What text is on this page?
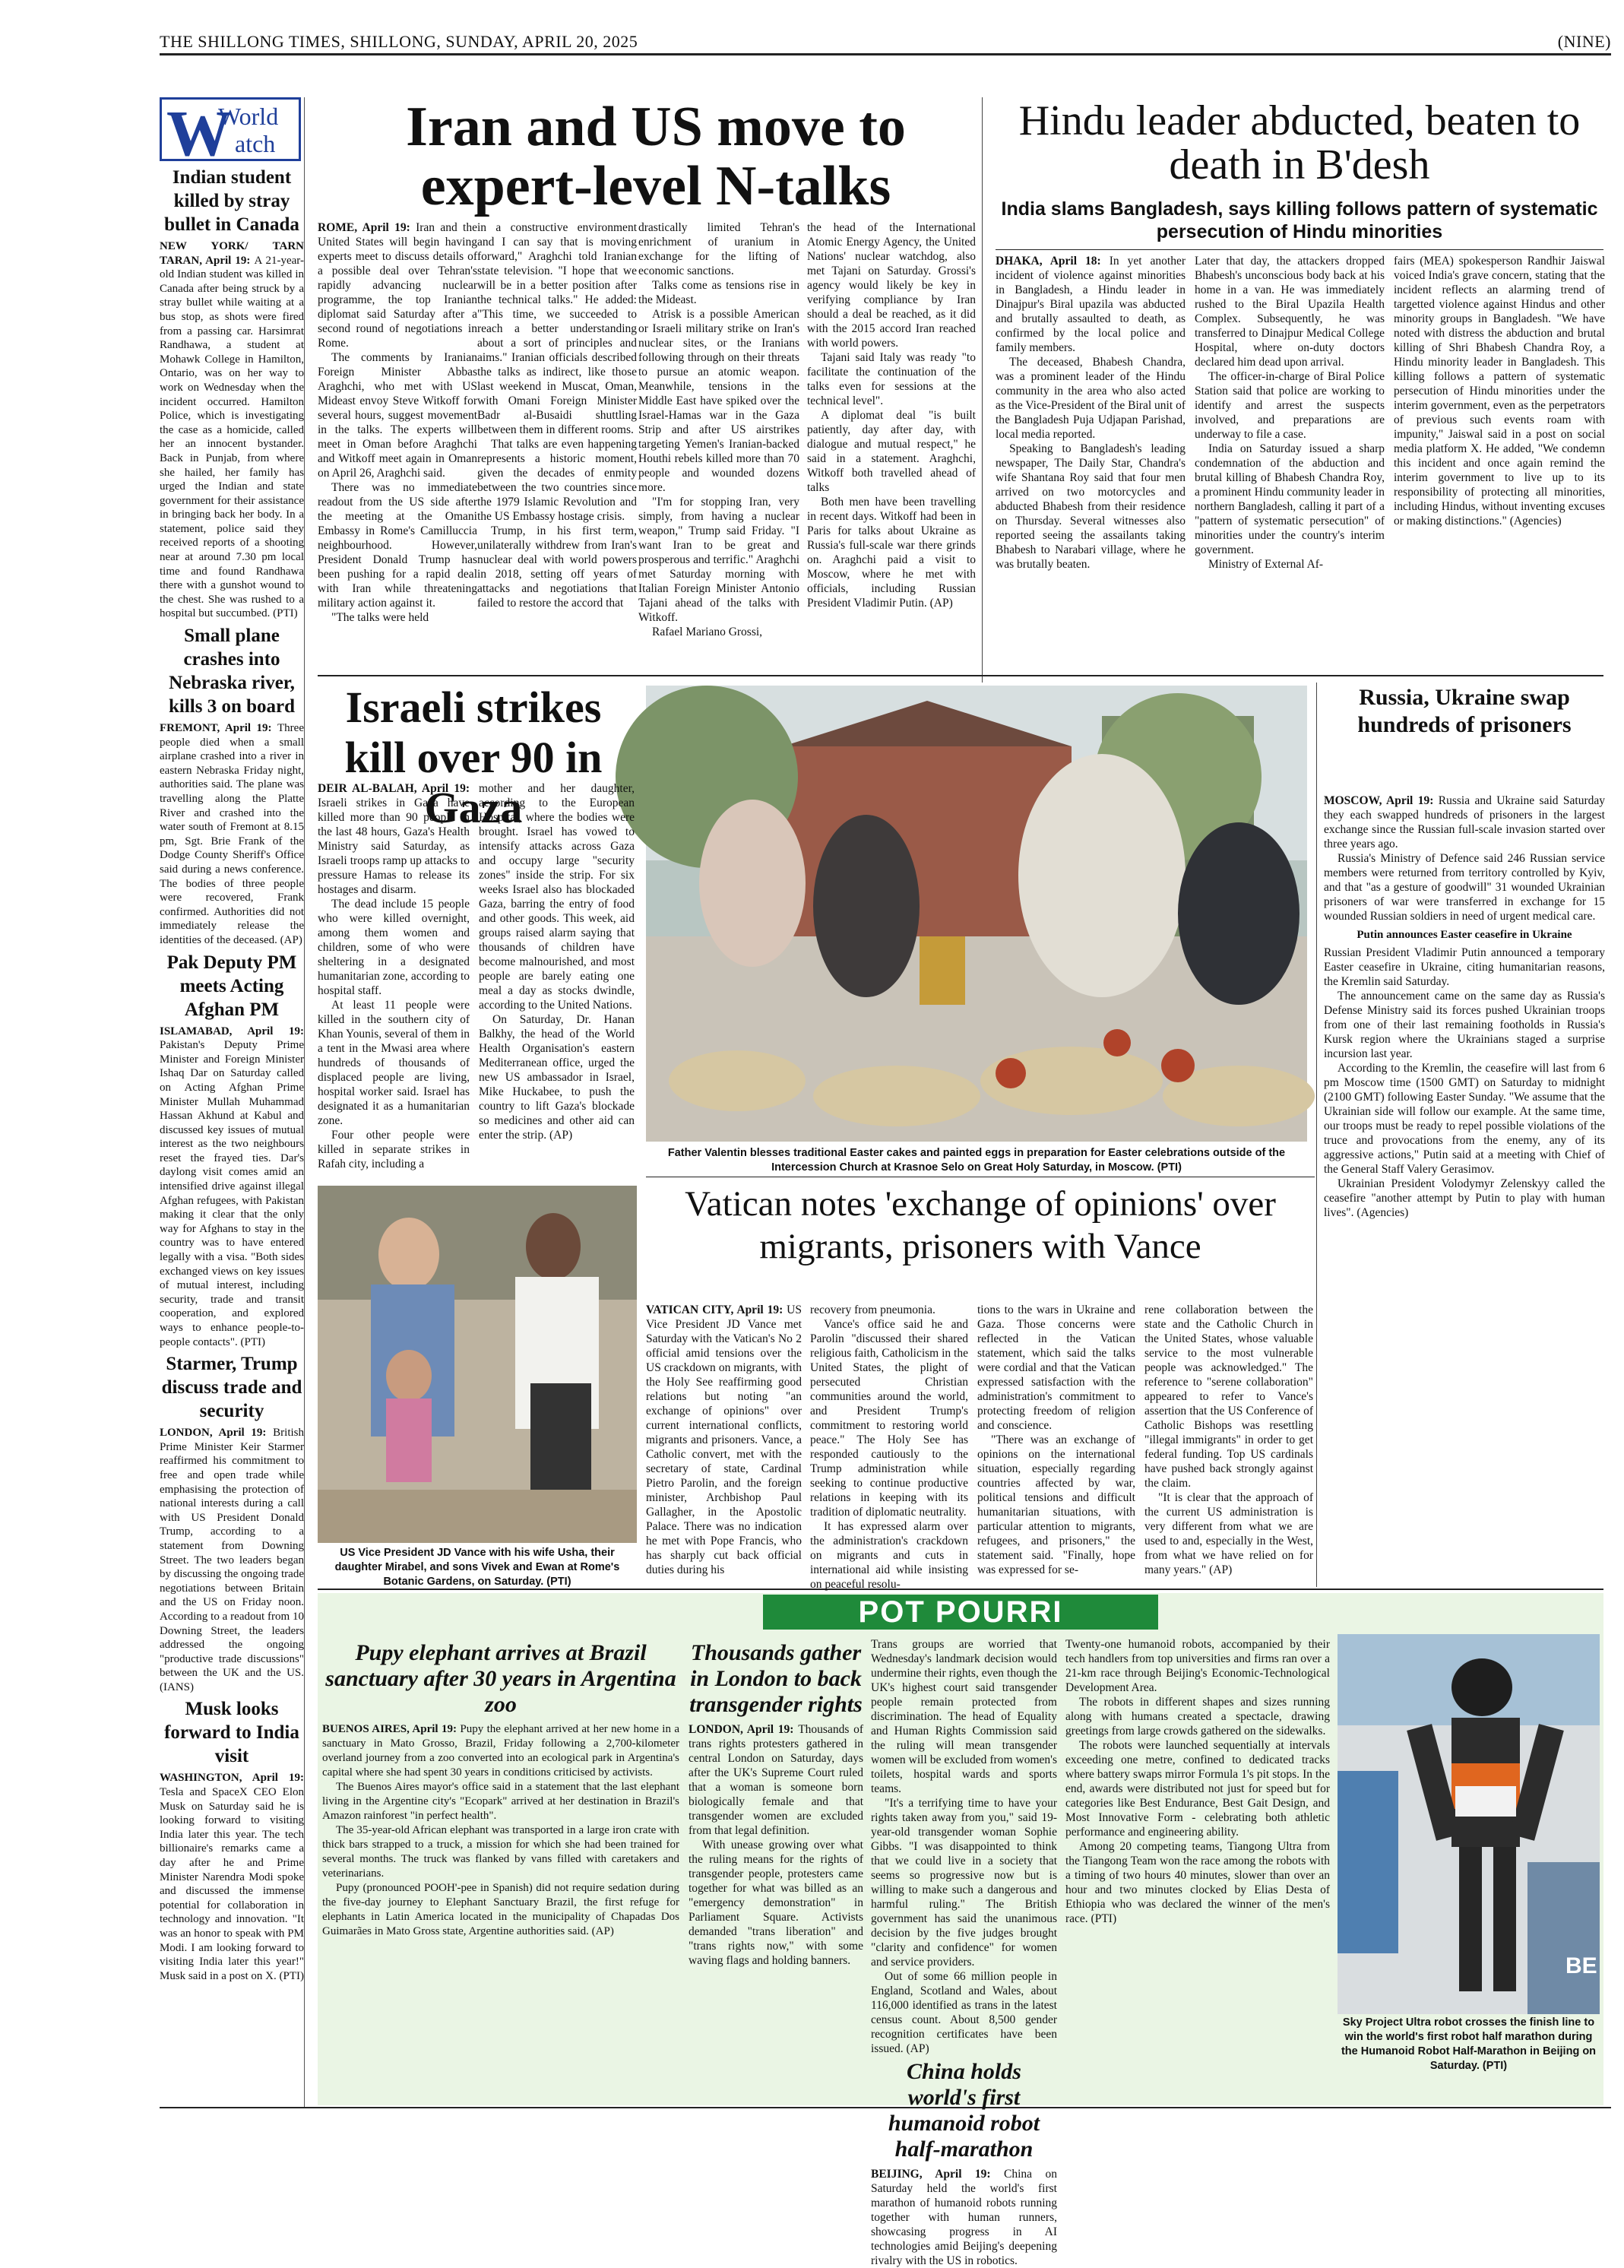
THE SHILLONG TIMES, SHILLONG, SUNDAY, APRIL 20, 2025	(NINE)
W
World
atch
Indian student killed by stray bullet in Canada

NEW YORK/ TARN TARAN, April 19: A 21-year-old Indian student was killed in Canada after being struck by a stray bullet while waiting at a bus stop, as shots were fired from a passing car. Harsimrat Randhawa, a student at Mohawk College in Hamilton, Ontario, was on her way to work on Wednesday when the incident occurred. Hamilton Police, which is investigating the case as a homicide, called her an innocent bystander. Back in Punjab, from where she hailed, her family has urged the Indian and state government for their assistance in bringing back her body. In a statement, police said they received reports of a shooting near at around 7.30 pm local time and found Randhawa there with a gunshot wound to the chest. She was rushed to a hospital but succumbed. (PTI)

Small plane crashes into Nebraska river, kills 3 on board

FREMONT, April 19: Three people died when a small airplane crashed into a river in eastern Nebraska Friday night, authorities said. The plane was travelling along the Platte River and crashed into the water south of Fremont at 8.15 pm, Sgt. Brie Frank of the Dodge County Sheriff's Office said during a news conference. The bodies of three people were recovered, Frank confirmed. Authorities did not immediately release the identities of the deceased. (AP)

Pak Deputy PM meets Acting Afghan PM

ISLAMABAD, April 19: Pakistan's Deputy Prime Minister and Foreign Minister Ishaq Dar on Saturday called on Acting Afghan Prime Minister Mullah Muhammad Hassan Akhund at Kabul and discussed key issues of mutual interest as the two neighbours reset the frayed ties. Dar's daylong visit comes amid an intensified drive against illegal Afghan refugees, with Pakistan making it clear that the only way for Afghans to stay in the country was to have entered legally with a visa. "Both sides exchanged views on key issues of mutual interest, including security, trade and transit cooperation, and explored ways to enhance people-to-people contacts". (PTI)

Starmer, Trump discuss trade and security

LONDON, April 19: British Prime Minister Keir Starmer reaffirmed his commitment to free and open trade while emphasising the protection of national interests during a call with US President Donald Trump, according to a statement from Downing Street. The two leaders began by discussing the ongoing trade negotiations between Britain and the US on Friday noon. According to a readout from 10 Downing Street, the leaders addressed the ongoing "productive trade discussions" between the UK and the US. (IANS)

Musk looks forward to India visit

WASHINGTON, April 19: Tesla and SpaceX CEO Elon Musk on Saturday said he is looking forward to visiting India later this year. The tech billionaire's remarks came a day after he and Prime Minister Narendra Modi spoke and discussed the immense potential for collaboration in technology and innovation. "It was an honor to speak with PM Modi. I am looking forward to visiting India later this year!" Musk said in a post on X. (PTI)

Iran and US move to expert-level N-talks
Hindu leader abducted, beaten to death in B'desh
India slams Bangladesh, says killing follows pattern of systematic persecution of Hindu minorities
Israeli strikes kill over 90 in Gaza
Father Valentin blesses traditional Easter cakes and painted eggs in preparation for Easter celebrations outside of the Intercession Church at Krasnoe Selo on Great Holy Saturday, in Moscow. (PTI)
Russia, Ukraine swap hundreds of prisoners

MOSCOW, April 19: Russia and Ukraine said Saturday they each swapped hundreds of prisoners in the largest exchange since the Russian full-scale invasion started over three years ago.

Russia's Ministry of Defence said 246 Russian service members were returned from territory controlled by Kyiv, and that "as a gesture of goodwill" 31 wounded Ukrainian prisoners of war were transferred in exchange for 15 wounded Russian soldiers in need of urgent medical care.

Putin announces Easter ceasefire in Ukraine

Russian President Vladimir Putin announced a temporary Easter ceasefire in Ukraine, citing humanitarian reasons, the Kremlin said Saturday.

The announcement came on the same day as Russia's Defense Ministry said its forces pushed Ukrainian troops from one of their last remaining footholds in Russia's Kursk region where the Ukrainians staged a surprise incursion last year.

According to the Kremlin, the ceasefire will last from 6 pm Moscow time (1500 GMT) on Saturday to midnight (2100 GMT) following Easter Sunday. "We assume that the Ukrainian side will follow our example. At the same time, our troops must be ready to repel possible violations of the truce and provocations from the enemy, any of its aggressive actions," Putin said at a meeting with Chief of the General Staff Valery Gerasimov.

Ukrainian President Volodymyr Zelenskyy called the ceasefire "another attempt by Putin to play with human lives". (Agencies)

US Vice President JD Vance with his wife Usha, their daughter Mirabel, and sons Vivek and Ewan at Rome's Botanic Gardens, on Saturday. (PTI)
Vatican notes 'exchange of opinions' over migrants, prisoners with Vance
POT POURRI
BE
Sky Project Ultra robot crosses the finish line to win the world's first robot half marathon during the Humanoid Robot Half-Marathon in Beijing on Saturday. (PTI)

ROME, April 19: Iran and the United States will begin having experts meet to discuss details of a possible deal over Tehran's rapidly advancing nuclear programme, the top Iranian diplomat said Saturday after a second round of negotiations in Rome.

The comments by Iranian Foreign Minister Abbas Araghchi, who met with US Mideast envoy Steve Witkoff for several hours, suggest movement in the talks. The experts will meet in Oman before Araghchi and Witkoff meet again in Oman on April 26, Araghchi said.

There was no immediate readout from the US side after the meeting at the Omani Embassy in Rome's Camilluccia neighbourhood. However, President Donald Trump has been pushing for a rapid deal with Iran while threatening military action against it.

"The talks were held

in a constructive environment and I can say that is moving forward," Araghchi told Iranian state television. "I hope that we will be in a better position after the technical talks." He added: "This time, we succeeded to reach a better understanding about a sort of principles and aims." Iranian officials described the talks as indirect, like those last weekend in Muscat, Oman, with Omani Foreign Minister Badr al-Busaidi shuttling between them in different rooms.

That talks are even happening represents a historic moment, given the decades of enmity between the two countries since the 1979 Islamic Revolution and the US Embassy hostage crisis.

Trump, in his first term, unilaterally withdrew from Iran's nuclear deal with world powers in 2018, setting off years of attacks and negotiations that failed to restore the accord that

drastically limited Tehran's enrichment of uranium in exchange for the lifting of economic sanctions.

Talks come as tensions rise in the Mideast.

Atrisk is a possible American or Israeli military strike on Iran's nuclear sites, or the Iranians following through on their threats to pursue an atomic weapon. Meanwhile, tensions in the Middle East have spiked over the Israel-Hamas war in the Gaza Strip and after US airstrikes targeting Yemen's Iranian-backed Houthi rebels killed more than 70 people and wounded dozens more.

"I'm for stopping Iran, very simply, from having a nuclear weapon," Trump said Friday. "I want Iran to be great and prosperous and terrific." Araghchi met Saturday morning with Italian Foreign Minister Antonio Tajani ahead of the talks with Witkoff.

Rafael Mariano Grossi,

the head of the International Atomic Energy Agency, the United Nations' nuclear watchdog, also met Tajani on Saturday. Grossi's agency would likely be key in verifying compliance by Iran should a deal be reached, as it did with the 2015 accord Iran reached with world powers.

Tajani said Italy was ready "to facilitate the continuation of the talks even for sessions at the technical level".

A diplomat deal "is built patiently, day after day, with dialogue and mutual respect," he said in a statement. Araghchi, Witkoff both travelled ahead of talks

Both men have been travelling in recent days. Witkoff had been in Paris for talks about Ukraine as Russia's full-scale war there grinds on. Araghchi paid a visit to Moscow, where he met with officials, including Russian President Vladimir Putin. (AP)

DHAKA, April 18: In yet another incident of violence against minorities in Bangladesh, a Hindu leader in Dinajpur's Biral upazila was abducted and brutally assaulted to death, as confirmed by the local police and family members.

The deceased, Bhabesh Chandra, was a prominent leader of the Hindu community in the area who also acted as the Vice-President of the Biral unit of the Bangladesh Puja Udjapan Parishad, local media reported.

Speaking to Bangladesh's leading newspaper, The Daily Star, Chandra's wife Shantana Roy said that four men arrived on two motorcycles and abducted Bhabesh from their residence on Thursday. Several witnesses also reported seeing the assailants taking Bhabesh to Narabari village, where he was brutally beaten.

Later that day, the attackers dropped Bhabesh's unconscious body back at his home in a van. He was immediately rushed to the Biral Upazila Health Complex. Subsequently, he was transferred to Dinajpur Medical College Hospital, where on-duty doctors declared him dead upon arrival.

The officer-in-charge of Biral Police Station said that police are working to identify and arrest the suspects involved, and preparations are underway to file a case.

India on Saturday issued a sharp condemnation of the abduction and brutal killing of Bhabesh Chandra Roy, a prominent Hindu community leader in northern Bangladesh, calling it part of a "pattern of systematic persecution" of minorities under the country's interim government.

Ministry of External Af-

fairs (MEA) spokesperson Randhir Jaiswal voiced India's grave concern, stating that the incident reflects an alarming trend of targetted violence against Hindus and other minority groups in Bangladesh. "We have noted with distress the abduction and brutal killing of Shri Bhabesh Chandra Roy, a Hindu minority leader in Bangladesh. This killing follows a pattern of systematic persecution of Hindu minorities under the interim government, even as the perpetrators of previous such events roam with impunity," Jaiswal said in a post on social media platform X. He added, "We condemn this incident and once again remind the interim government to live up to its responsibility of protecting all minorities, including Hindus, without inventing excuses or making distinctions." (Agencies)

DEIR AL-BALAH, April 19: Israeli strikes in Gaza have killed more than 90 people in the last 48 hours, Gaza's Health Ministry said Saturday, as Israeli troops ramp up attacks to pressure Hamas to release its hostages and disarm.

The dead include 15 people who were killed overnight, among them women and children, some of who were sheltering in a designated humanitarian zone, according to hospital staff.

At least 11 people were killed in the southern city of Khan Younis, several of them in a tent in the Mwasi area where hundreds of thousands of displaced people are living, hospital worker said. Israel has designated it as a humanitarian zone.

Four other people were killed in separate strikes in Rafah city, including a

mother and her daughter, according to the European Hospital, where the bodies were brought. Israel has vowed to intensify attacks across Gaza and occupy large "security zones" inside the strip. For six weeks Israel also has blockaded Gaza, barring the entry of food and other goods. This week, aid groups raised alarm saying that thousands of children have become malnourished, and most people are barely eating one meal a day as stocks dwindle, according to the United Nations.

On Saturday, Dr. Hanan Balkhy, the head of the World Health Organisation's eastern Mediterranean office, urged the new US ambassador in Israel, Mike Huckabee, to push the country to lift Gaza's blockade so medicines and other aid can enter the strip. (AP)

VATICAN CITY, April 19: US Vice President JD Vance met Saturday with the Vatican's No 2 official amid tensions over the US crackdown on migrants, with the Holy See reaffirming good relations but noting "an exchange of opinions" over current international conflicts, migrants and prisoners. Vance, a Catholic convert, met with the secretary of state, Cardinal Pietro Parolin, and the foreign minister, Archbishop Paul Gallagher, in the Apostolic Palace. There was no indication he met with Pope Francis, who has sharply cut back official duties during his

recovery from pneumonia.

Vance's office said he and Parolin "discussed their shared religious faith, Catholicism in the United States, the plight of persecuted Christian communities around the world, and President Trump's commitment to restoring world peace." The Holy See has responded cautiously to the Trump administration while seeking to continue productive relations in keeping with its tradition of diplomatic neutrality.

It has expressed alarm over the administration's crackdown on migrants and cuts in international aid while insisting on peaceful resolu-

tions to the wars in Ukraine and Gaza. Those concerns were reflected in the Vatican statement, which said the talks were cordial and that the Vatican expressed satisfaction with the administration's commitment to protecting freedom of religion and conscience.

"There was an exchange of opinions on the international situation, especially regarding countries affected by war, political tensions and difficult humanitarian situations, with particular attention to migrants, refugees, and prisoners," the statement said. "Finally, hope was expressed for se-

rene collaboration between the state and the Catholic Church in the United States, whose valuable service to the most vulnerable people was acknowledged." The reference to "serene collaboration" appeared to refer to Vance's assertion that the US Conference of Catholic Bishops was resettling "illegal immigrants" in order to get federal funding. Top US cardinals have pushed back strongly against the claim.

"It is clear that the approach of the current US administration is very different from what we are used to and, especially in the West, from what we have relied on for many years." (AP)

Pupy elephant arrives at Brazil sanctuary after 30 years in Argentina zoo

BUENOS AIRES, April 19: Pupy the elephant arrived at her new home in a sanctuary in Mato Grosso, Brazil, Friday following a 2,700-kilometer overland journey from a zoo converted into an ecological park in Argentina's capital where she had spent 30 years in conditions criticised by activists.

The Buenos Aires mayor's office said in a statement that the last elephant living in the Argentine city's "Ecopark" arrived at her destination in Brazil's Amazon rainforest "in perfect health".

The 35-year-old African elephant was transported in a large iron crate with thick bars strapped to a truck, a mission for which she had been trained for several months. The truck was flanked by vans filled with caretakers and veterinarians.

Pupy (pronounced POOH'-pee in Spanish) did not require sedation during the five-day journey to Elephant Sanctuary Brazil, the first refuge for elephants in Latin America located in the municipality of Chapadas Dos Guimarães in Mato Gross state, Argentine authorities said. (AP)

Thousands gather in London to back transgender rights

LONDON, April 19: Thousands of trans rights protesters gathered in central London on Saturday, days after the UK's Supreme Court ruled that a woman is someone born biologically female and that transgender women are excluded from that legal definition.

With unease growing over what the ruling means for the rights of transgender people, protesters came together for what was billed as an "emergency demonstration" in Parliament Square. Activists demanded "trans liberation" and "trans rights now," with some waving flags and holding banners.

Trans groups are worried that Wednesday's landmark decision would undermine their rights, even though the UK's highest court said transgender people remain protected from discrimination. The head of Equality and Human Rights Commission said the ruling will mean transgender women will be excluded from women's toilets, hospital wards and sports teams.

"It's a terrifying time to have your rights taken away from you," said 19-year-old transgender woman Sophie Gibbs. "I was disappointed to think that we could live in a society that seems so progressive now but is willing to make such a dangerous and harmful ruling." The British government has said the unanimous decision by the five judges brought "clarity and confidence" for women and service providers.

Out of some 66 million people in England, Scotland and Wales, about 116,000 identified as trans in the latest census count. About 8,500 gender recognition certificates have been issued. (AP)

China holds world's first humanoid robot half-marathon

BEIJING, April 19: China on Saturday held the world's first marathon of humanoid robots running together with human runners, showcasing progress in AI technologies amid Beijing's deepening rivalry with the US in robotics.

Twenty-one humanoid robots, accompanied by their tech handlers from top universities and firms ran over a 21-km race through Beijing's Economic-Technological Development Area.

The robots in different shapes and sizes running along with humans created a spectacle, drawing greetings from large crowds gathered on the sidewalks.

The robots were launched sequentially at intervals exceeding one metre, confined to dedicated tracks where battery swaps mirror Formula 1's pit stops. In the end, awards were distributed not just for speed but for categories like Best Endurance, Best Gait Design, and Most Innovative Form - celebrating both athletic performance and engineering ability.

Among 20 competing teams, Tiangong Ultra from the Tiangong Team won the race among the robots with a timing of two hours 40 minutes, slower than over an hour and two minutes clocked by Elias Desta of Ethiopia who was declared the winner of the men's race. (PTI)
